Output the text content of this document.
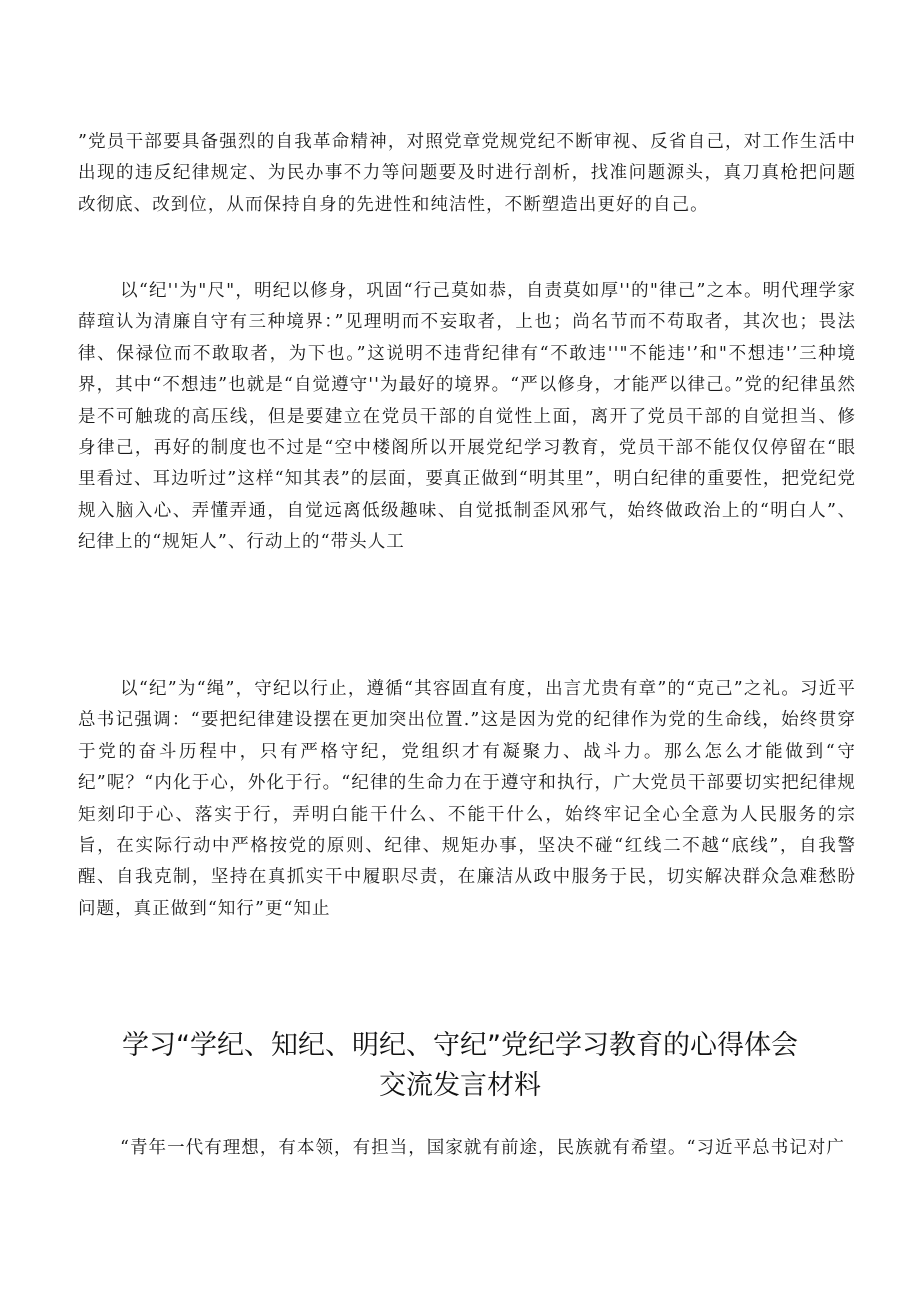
”党员干部要具备强烈的自我革命精神，对照党章党规党纪不断审视、反省自己，对工作生活中出现的违反纪律规定、为民办事不力等问题要及时进行剖析，找准问题源头，真刀真枪把问题改彻底、改到位，从而保持自身的先进性和纯洁性，不断塑造出更好的自己。

以“纪''为"尺"，明纪以修身，巩固“行己莫如恭，自责莫如厚''的"律己”之本。明代理学家薛瑄认为清廉自守有三种境界：”见理明而不妄取者，上也；尚名节而不苟取者，其次也；畏法律、保禄位而不敢取者，为下也。”这说明不违背纪律有“不敢违''"不能违'’和"不想违'’三种境界，其中“不想违”也就是“自觉遵守''为最好的境界。“严以修身，才能严以律己。”党的纪律虽然是不可触珑的高压线，但是要建立在党员干部的自觉性上面，离开了党员干部的自觉担当、修身律己，再好的制度也不过是“空中楼阁所以开展党纪学习教育，党员干部不能仅仅停留在“眼里看过、耳边听过”这样“知其表”的层面，要真正做到“明其里”，明白纪律的重要性，把党纪党规入脑入心、弄懂弄通，自觉远离低级趣味、自觉抵制歪风邪气，始终做政治上的“明白人”、纪律上的“规矩人”、行动上的“带头人工

以“纪”为“绳”，守纪以行止，遵循“其容固直有度，出言尤贵有章”的“克己”之礼。习近平总书记强调：“要把纪律建设摆在更加突出位置.”这是因为党的纪律作为党的生命线，始终贯穿于党的奋斗历程中，只有严格守纪，党组织才有凝聚力、战斗力。那么怎么才能做到“守纪”呢？“内化于心，外化于行。“纪律的生命力在于遵守和执行，广大党员干部要切实把纪律规矩刻印于心、落实于行，弄明白能干什么、不能干什么，始终牢记全心全意为人民服务的宗旨，在实际行动中严格按党的原则、纪律、规矩办事，坚决不碰“红线二不越“底线”，自我警醒、自我克制，坚持在真抓实干中履职尽责，在廉洁从政中服务于民，切实解决群众急难愁盼问题，真正做到“知行”更“知止

学习“学纪、知纪、明纪、守纪”党纪学习教育的心得体会
交流发言材料

“青年一代有理想，有本领，有担当，国家就有前途，民族就有希望。“习近平总书记对广
